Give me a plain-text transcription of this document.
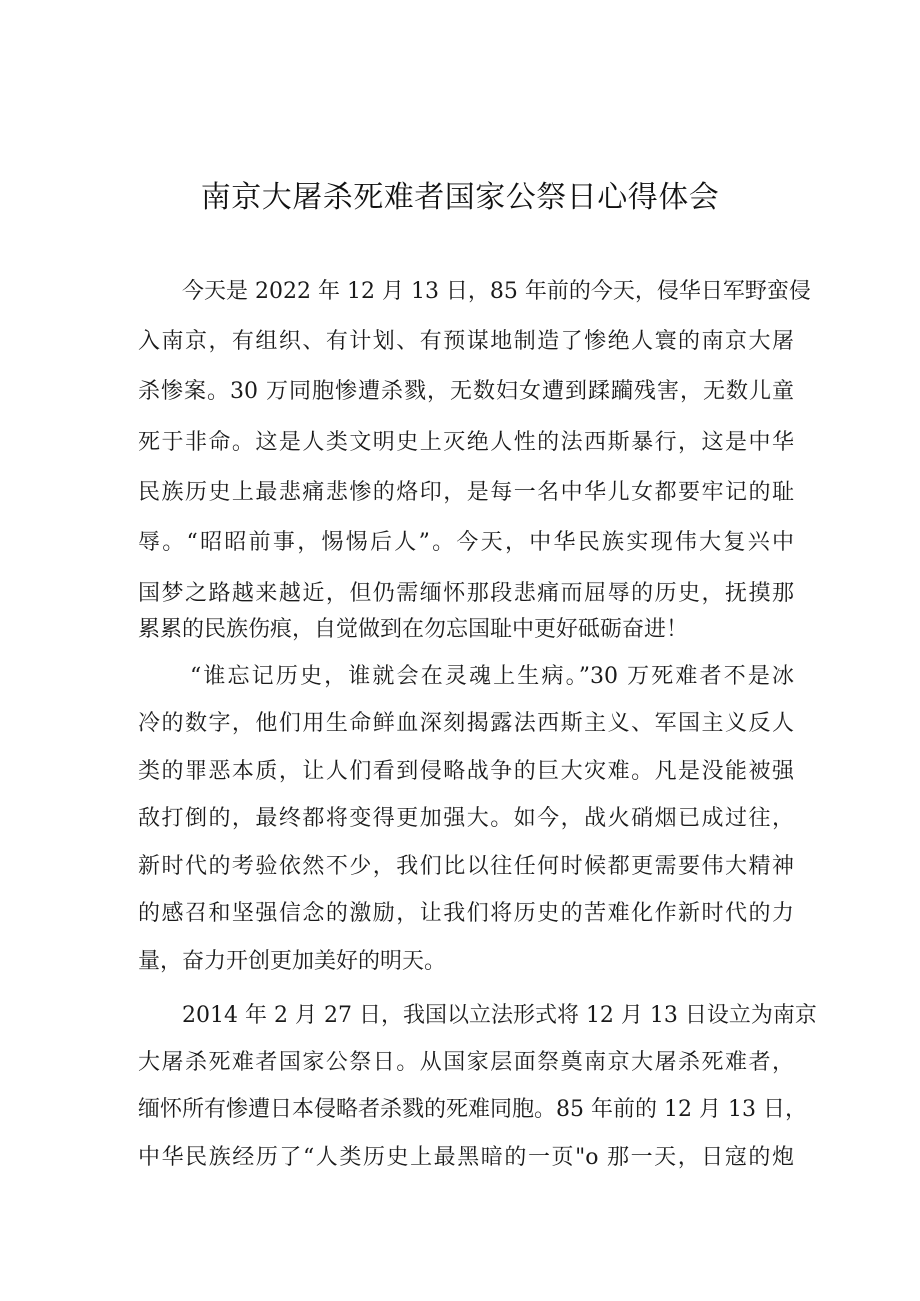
南京大屠杀死难者国家公祭日心得体会

今天是 2022 年 12 月 13 日，85 年前的今天，侵华日军野蛮侵

入南京，有组织、有计划、有预谋地制造了惨绝人寰的南京大屠

杀惨案。30 万同胞惨遭杀戮，无数妇女遭到蹂躏残害，无数儿童

死于非命。这是人类文明史上灭绝人性的法西斯暴行，这是中华

民族历史上最悲痛悲惨的烙印，是每一名中华儿女都要牢记的耻

辱。“昭昭前事，惕惕后人”。今天，中华民族实现伟大复兴中

国梦之路越来越近，但仍需缅怀那段悲痛而屈辱的历史，抚摸那

累累的民族伤痕，自觉做到在勿忘国耻中更好砥砺奋进！

“谁忘记历史，谁就会在灵魂上生病。”30 万死难者不是冰

冷的数字，他们用生命鲜血深刻揭露法西斯主义、军国主义反人

类的罪恶本质，让人们看到侵略战争的巨大灾难。凡是没能被强

敌打倒的，最终都将变得更加强大。如今，战火硝烟已成过往，

新时代的考验依然不少，我们比以往任何时候都更需要伟大精神

的感召和坚强信念的激励，让我们将历史的苦难化作新时代的力

量，奋力开创更加美好的明天。

2014 年 2 月 27 日，我国以立法形式将 12 月 13 日设立为南京

大屠杀死难者国家公祭日。从国家层面祭奠南京大屠杀死难者，

缅怀所有惨遭日本侵略者杀戮的死难同胞。85 年前的 12 月 13 日，

中华民族经历了“人类历史上最黑暗的一页"o 那一天，日寇的炮
